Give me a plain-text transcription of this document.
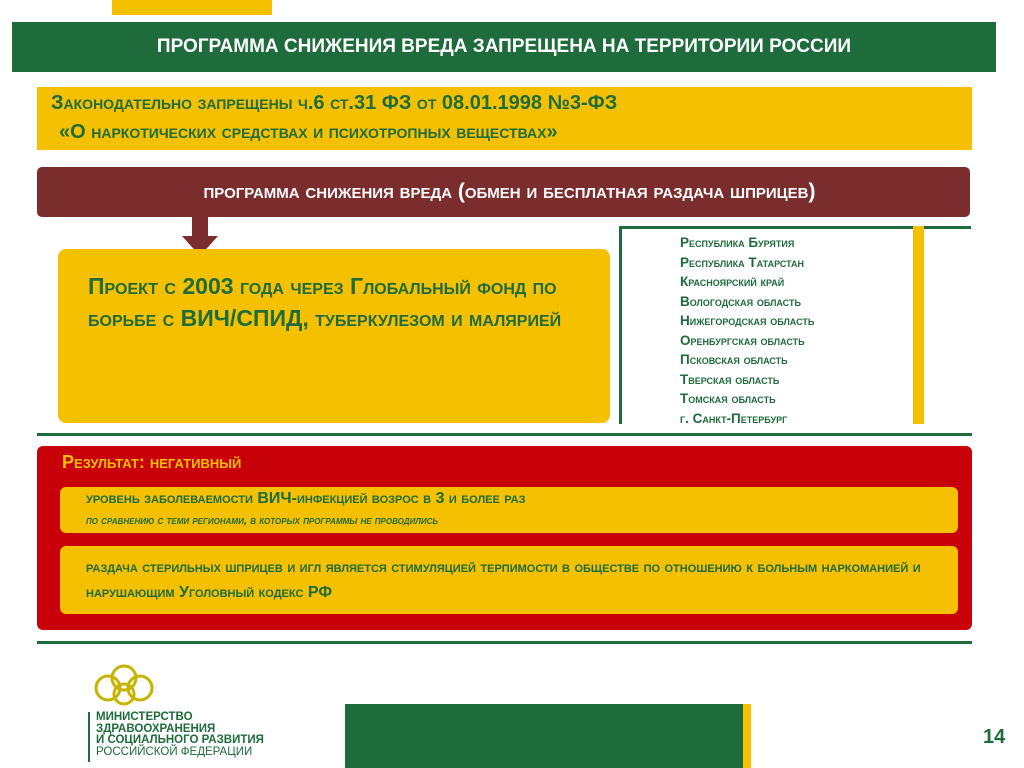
ПРОГРАММА СНИЖЕНИЯ ВРЕДА ЗАПРЕЩЕНА НА ТЕРРИТОРИИ РОССИИ
Законодательно запрещены ч.6 ст.31 ФЗ от 08.01.1998 №3-ФЗ
«О наркотических средствах и психотропных веществах»
программа снижения вреда (обмен и бесплатная раздача шприцев)
Проект с 2003 года через Глобальный фонд по борьбе с ВИЧ/СПИД, туберкулезом и малярией
Республика Бурятия
Республика Татарстан
Красноярский край
Вологодская область
Нижегородская область
Оренбургская область
Псковская область
Тверская область
Томская область
г. Санкт-Петербург
Результат: негативный
уровень заболеваемости ВИЧ-инфекцией возрос в 3 и более раз
по сравнению с теми регионами, в которых программы не проводились
раздача стерильных шприцев и игл является стимуляцией терпимости в обществе по отношению к больным наркоманией и нарушающим Уголовный кодекс РФ
МИНИСТЕРСТВО
ЗДРАВООХРАНЕНИЯ
И СОЦИАЛЬНОГО РАЗВИТИЯ
РОССИЙСКОЙ ФЕДЕРАЦИИ
14
